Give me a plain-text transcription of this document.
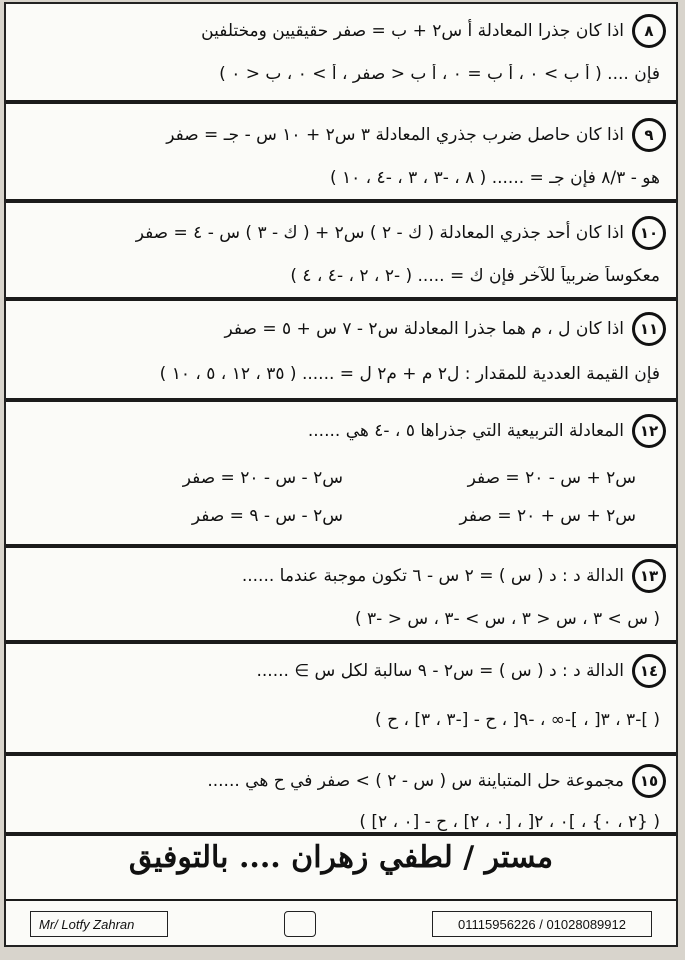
٨
اذا كان جذرا المعادلة أ س٢ + ب = صفر حقيقيين ومختلفين
فإن .... ( أ ب > ٠ ، أ ب = ٠ ، أ ب < صفر ، أ > ٠ ، ب < ٠ )
٩
اذا كان حاصل ضرب جذري المعادلة ٣ س٢ + ١٠ س - جـ = صفر
هو - ٨/٣ فإن جـ = ...... ( ٨ ، -٣ ، ٣ ، -٤ ، ١٠ )
١٠
اذا كان أحد جذري المعادلة ( ك - ٢ ) س٢ + ( ك - ٣ ) س - ٤ = صفر
معكوساً ضربياً للآخر فإن ك = ..... ( -٢ ، ٢ ، -٤ ، ٤ )
١١
اذا كان ل ، م هما جذرا المعادلة س٢ - ٧ س + ٥ = صفر
فإن القيمة العددية للمقدار : ل٢ م + م٢ ل = ...... ( ٣٥ ، ١٢ ، ٥ ، ١٠ )
١٢
المعادلة التربيعية التي جذراها ٥ ، -٤ هي ......
س٢ + س - ٢٠ = صفر
س٢ - س - ٢٠ = صفر
س٢ + س + ٢٠ = صفر
س٢ - س - ٩ = صفر
١٣
الدالة د : د ( س ) = ٢ س - ٦ تكون موجبة عندما ......
( س > ٣ ، س < ٣ ، س > -٣ ، س < -٣ )
١٤
الدالة د : د ( س ) = س٢ - ٩ سالبة لكل س ∋ ......
( ]-٣ ، ٣[ ، ]-∞ ، -٩[ ، ح - [-٣ ، ٣] ، ح )
١٥
مجموعة حل المتباينة س ( س - ٢ ) > صفر في ح هي ......
( {٢ ، ٠} ، ]٠ ، ٢[ ، [٠ ، ٢] ، ح - [٠ ، ٢] )
مستر / لطفي زهران .... بالتوفيق
Mr/ Lotfy Zahran	01115956226 / 01028089912
